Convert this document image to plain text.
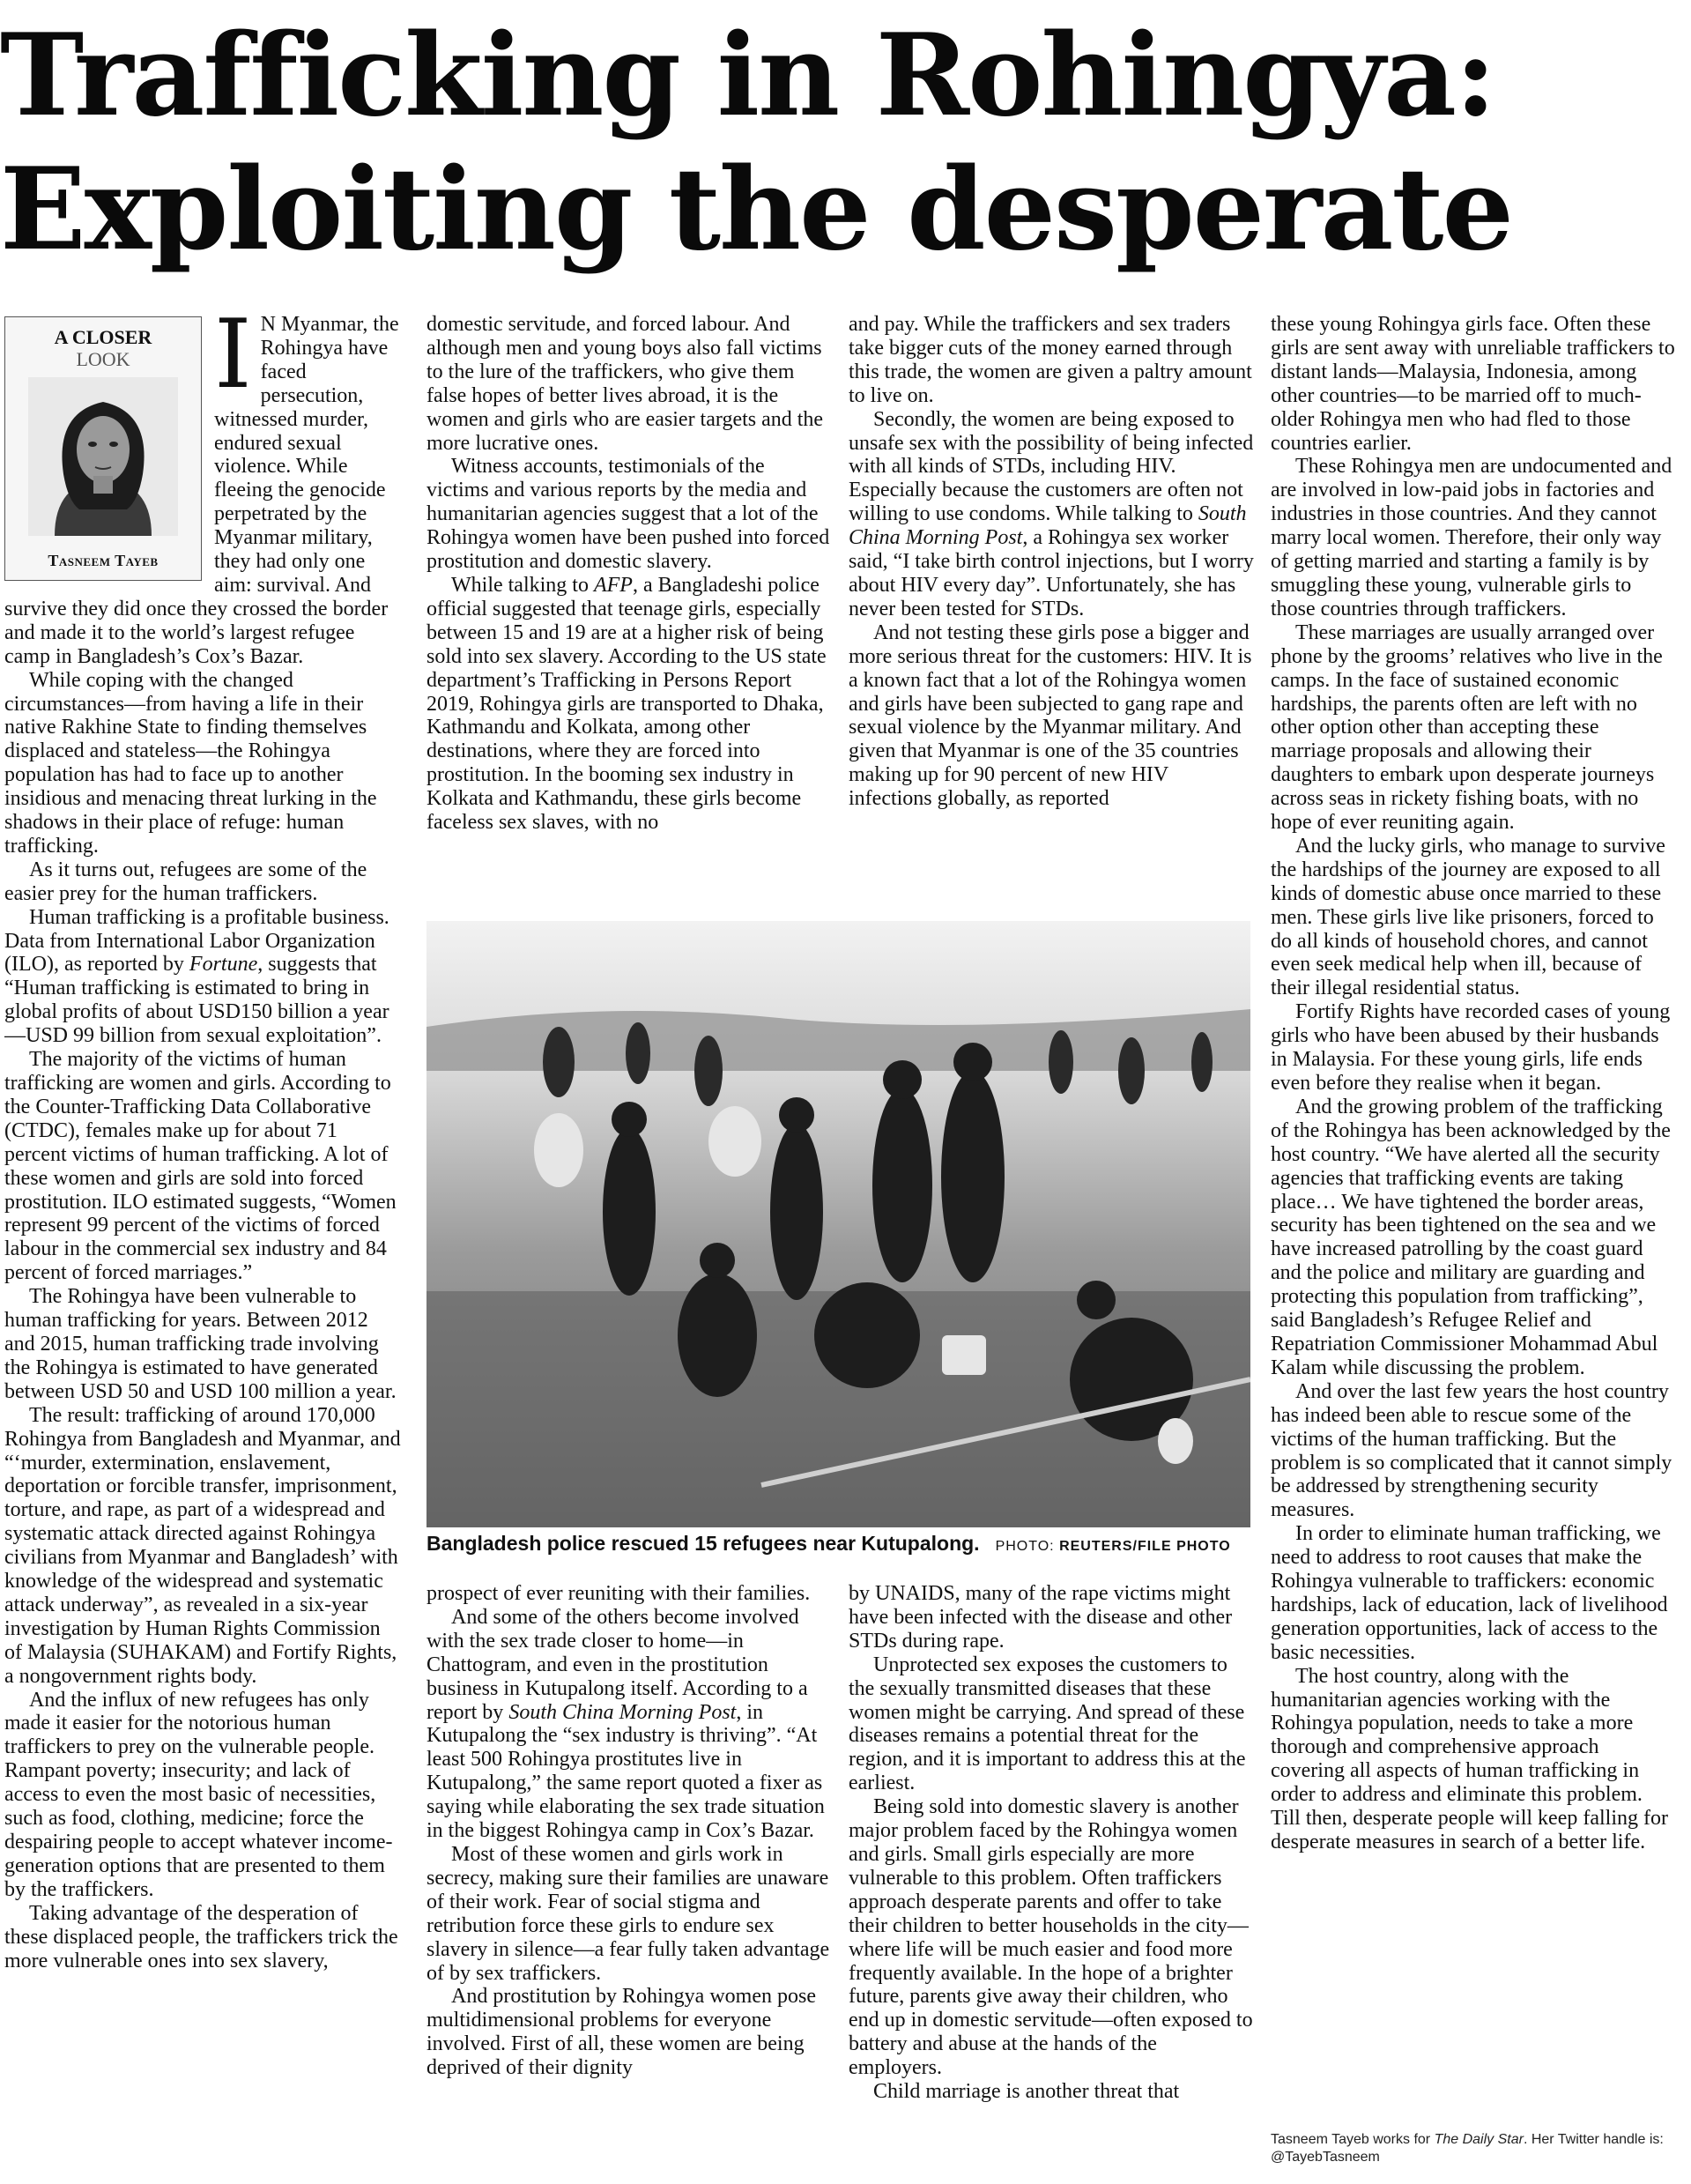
Trafficking in Rohingya:
Exploiting the desperate
A CLOSER
LOOK
Tasneem Tayeb

I N Myanmar, the Rohingya have faced persecution, witnessed murder, endured sexual violence. While fleeing the genocide perpetrated by the Myanmar military, they had only one aim: survival. And survive they did once they crossed the border and made it to the world’s largest refugee camp in Bangladesh’s Cox’s Bazar.

While coping with the changed circumstances—from having a life in their native Rakhine State to finding themselves displaced and stateless—the Rohingya population has had to face up to another insidious and menacing threat lurking in the shadows in their place of refuge: human trafficking.

As it turns out, refugees are some of the easier prey for the human traffickers.

Human trafficking is a profitable business. Data from International Labor Organization (ILO), as reported by Fortune, suggests that “Human trafficking is estimated to bring in global profits of about USD150 billion a year—USD 99 billion from sexual exploitation”.

The majority of the victims of human trafficking are women and girls. According to the Counter-Trafficking Data Collaborative (CTDC), females make up for about 71 percent victims of human trafficking. A lot of these women and girls are sold into forced prostitution. ILO estimated suggests, “Women represent 99 percent of the victims of forced labour in the commercial sex industry and 84 percent of forced marriages.”

The Rohingya have been vulnerable to human trafficking for years. Between 2012 and 2015, human trafficking trade involving the Rohingya is estimated to have generated between USD 50 and USD 100 million a year.

The result: trafficking of around 170,000 Rohingya from Bangladesh and Myanmar, and “‘murder, extermination, enslavement, deportation or forcible transfer, imprisonment, torture, and rape, as part of a widespread and systematic attack directed against Rohingya civilians from Myanmar and Bangladesh’ with knowledge of the widespread and systematic attack underway”, as revealed in a six-year investigation by Human Rights Commission of Malaysia (SUHAKAM) and Fortify Rights, a nongovernment rights body.

And the influx of new refugees has only made it easier for the notorious human traffickers to prey on the vulnerable people. Rampant poverty; insecurity; and lack of access to even the most basic of necessities, such as food, clothing, medicine; force the despairing people to accept whatever income-generation options that are presented to them by the traffickers.

Taking advantage of the desperation of these displaced people, the traffickers trick the more vulnerable ones into sex slavery,

domestic servitude, and forced labour. And although men and young boys also fall victims to the lure of the traffickers, who give them false hopes of better lives abroad, it is the women and girls who are easier targets and the more lucrative ones.

Witness accounts, testimonials of the victims and various reports by the media and humanitarian agencies suggest that a lot of the Rohingya women have been pushed into forced prostitution and domestic slavery.

While talking to AFP, a Bangladeshi police official suggested that teenage girls, especially between 15 and 19 are at a higher risk of being sold into sex slavery. According to the US state department’s Trafficking in Persons Report 2019, Rohingya girls are transported to Dhaka, Kathmandu and Kolkata, among other destinations, where they are forced into prostitution. In the booming sex industry in Kolkata and Kathmandu, these girls become faceless sex slaves, with no

and pay. While the traffickers and sex traders take bigger cuts of the money earned through this trade, the women are given a paltry amount to live on.

Secondly, the women are being exposed to unsafe sex with the possibility of being infected with all kinds of STDs, including HIV. Especially because the customers are often not willing to use condoms. While talking to South China Morning Post, a Rohingya sex worker said, “I take birth control injections, but I worry about HIV every day”. Unfortunately, she has never been tested for STDs.

And not testing these girls pose a bigger and more serious threat for the customers: HIV. It is a known fact that a lot of the Rohingya women and girls have been subjected to gang rape and sexual violence by the Myanmar military. And given that Myanmar is one of the 35 countries making up for 90 percent of new HIV infections globally, as reported

Bangladesh police rescued 15 refugees near Kutupalong. PHOTO: REUTERS/FILE PHOTO

prospect of ever reuniting with their families.

And some of the others become involved with the sex trade closer to home—in Chattogram, and even in the prostitution business in Kutupalong itself. According to a report by South China Morning Post, in Kutupalong the “sex industry is thriving”. “At least 500 Rohingya prostitutes live in Kutupalong,” the same report quoted a fixer as saying while elaborating the sex trade situation in the biggest Rohingya camp in Cox’s Bazar.

Most of these women and girls work in secrecy, making sure their families are unaware of their work. Fear of social stigma and retribution force these girls to endure sex slavery in silence—a fear fully taken advantage of by sex traffickers.

And prostitution by Rohingya women pose multidimensional problems for everyone involved. First of all, these women are being deprived of their dignity

by UNAIDS, many of the rape victims might have been infected with the disease and other STDs during rape.

Unprotected sex exposes the customers to the sexually transmitted diseases that these women might be carrying. And spread of these diseases remains a potential threat for the region, and it is important to address this at the earliest.

Being sold into domestic slavery is another major problem faced by the Rohingya women and girls. Small girls especially are more vulnerable to this problem. Often traffickers approach desperate parents and offer to take their children to better households in the city—where life will be much easier and food more frequently available. In the hope of a brighter future, parents give away their children, who end up in domestic servitude—often exposed to battery and abuse at the hands of the employers.

Child marriage is another threat that

these young Rohingya girls face. Often these girls are sent away with unreliable traffickers to distant lands—Malaysia, Indonesia, among other countries—to be married off to much-older Rohingya men who had fled to those countries earlier.

These Rohingya men are undocumented and are involved in low-paid jobs in factories and industries in those countries. And they cannot marry local women. Therefore, their only way of getting married and starting a family is by smuggling these young, vulnerable girls to those countries through traffickers.

These marriages are usually arranged over phone by the grooms’ relatives who live in the camps. In the face of sustained economic hardships, the parents often are left with no other option other than accepting these marriage proposals and allowing their daughters to embark upon desperate journeys across seas in rickety fishing boats, with no hope of ever reuniting again.

And the lucky girls, who manage to survive the hardships of the journey are exposed to all kinds of domestic abuse once married to these men. These girls live like prisoners, forced to do all kinds of household chores, and cannot even seek medical help when ill, because of their illegal residential status.

Fortify Rights have recorded cases of young girls who have been abused by their husbands in Malaysia. For these young girls, life ends even before they realise when it began.

And the growing problem of the trafficking of the Rohingya has been acknowledged by the host country. “We have alerted all the security agencies that trafficking events are taking place… We have tightened the border areas, security has been tightened on the sea and we have increased patrolling by the coast guard and the police and military are guarding and protecting this population from trafficking”, said Bangladesh’s Refugee Relief and Repatriation Commissioner Mohammad Abul Kalam while discussing the problem.

And over the last few years the host country has indeed been able to rescue some of the victims of the human trafficking. But the problem is so complicated that it cannot simply be addressed by strengthening security measures.

In order to eliminate human trafficking, we need to address to root causes that make the Rohingya vulnerable to traffickers: economic hardships, lack of education, lack of livelihood generation opportunities, lack of access to the basic necessities.

The host country, along with the humanitarian agencies working with the Rohingya population, needs to take a more thorough and comprehensive approach covering all aspects of human trafficking in order to address and eliminate this problem. Till then, desperate people will keep falling for desperate measures in search of a better life.

Tasneem Tayeb works for The Daily Star. Her Twitter handle is: @TayebTasneem
